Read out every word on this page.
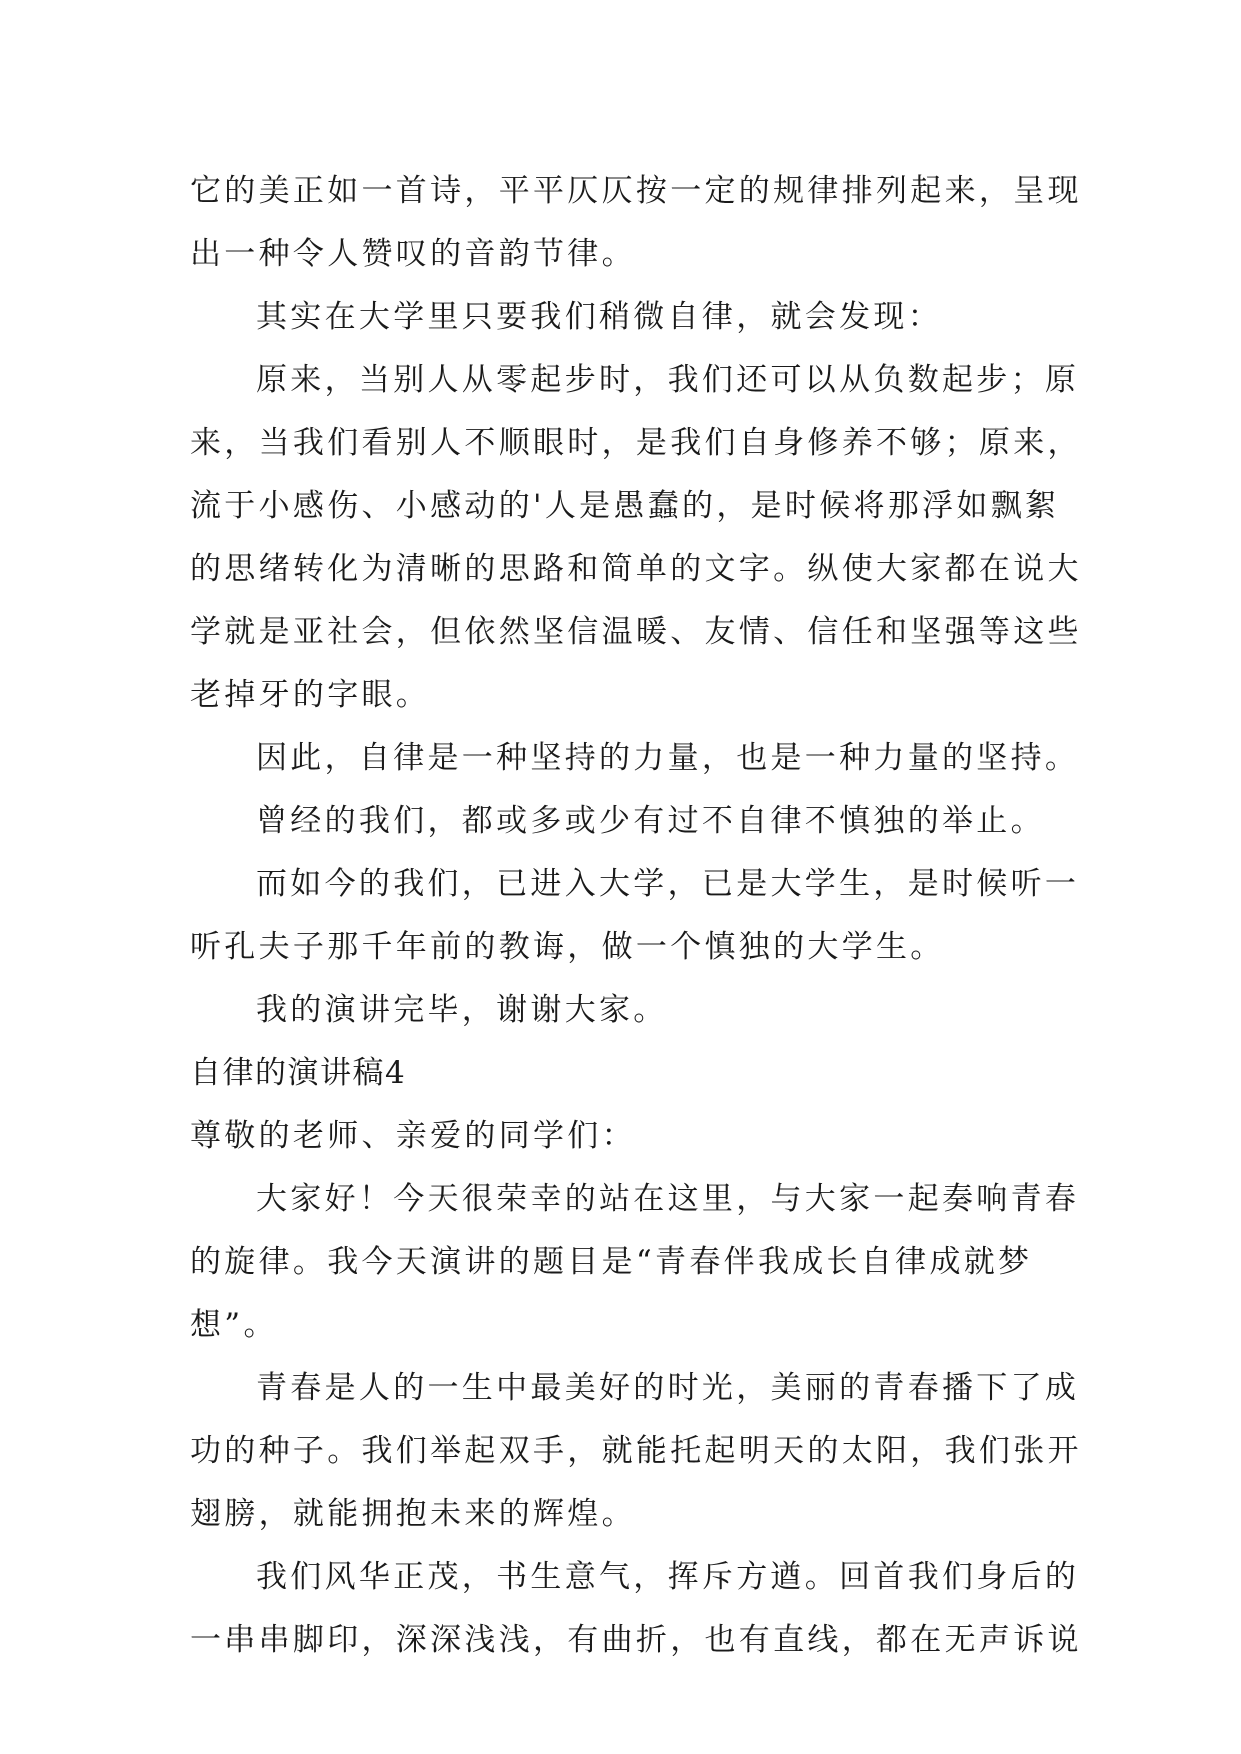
它的美正如一首诗，平平仄仄按一定的规律排列起来，呈现
出一种令人赞叹的音韵节律。
其实在大学里只要我们稍微自律，就会发现：
原来，当别人从零起步时，我们还可以从负数起步；原
来，当我们看别人不顺眼时，是我们自身修养不够；原来，
流于小感伤、小感动的'人是愚蠢的，是时候将那浮如飘絮
的思绪转化为清晰的思路和简单的文字。纵使大家都在说大
学就是亚社会，但依然坚信温暖、友情、信任和坚强等这些
老掉牙的字眼。
因此，自律是一种坚持的力量，也是一种力量的坚持。
曾经的我们，都或多或少有过不自律不慎独的举止。
而如今的我们，已进入大学，已是大学生，是时候听一
听孔夫子那千年前的教诲，做一个慎独的大学生。
我的演讲完毕，谢谢大家。
自律的演讲稿4
尊敬的老师、亲爱的同学们：
大家好！今天很荣幸的站在这里，与大家一起奏响青春
的旋律。我今天演讲的题目是“青春伴我成长自律成就梦
想”。
青春是人的一生中最美好的时光，美丽的青春播下了成
功的种子。我们举起双手，就能托起明天的太阳，我们张开
翅膀，就能拥抱未来的辉煌。
我们风华正茂，书生意气，挥斥方遒。回首我们身后的
一串串脚印，深深浅浅，有曲折，也有直线，都在无声诉说
